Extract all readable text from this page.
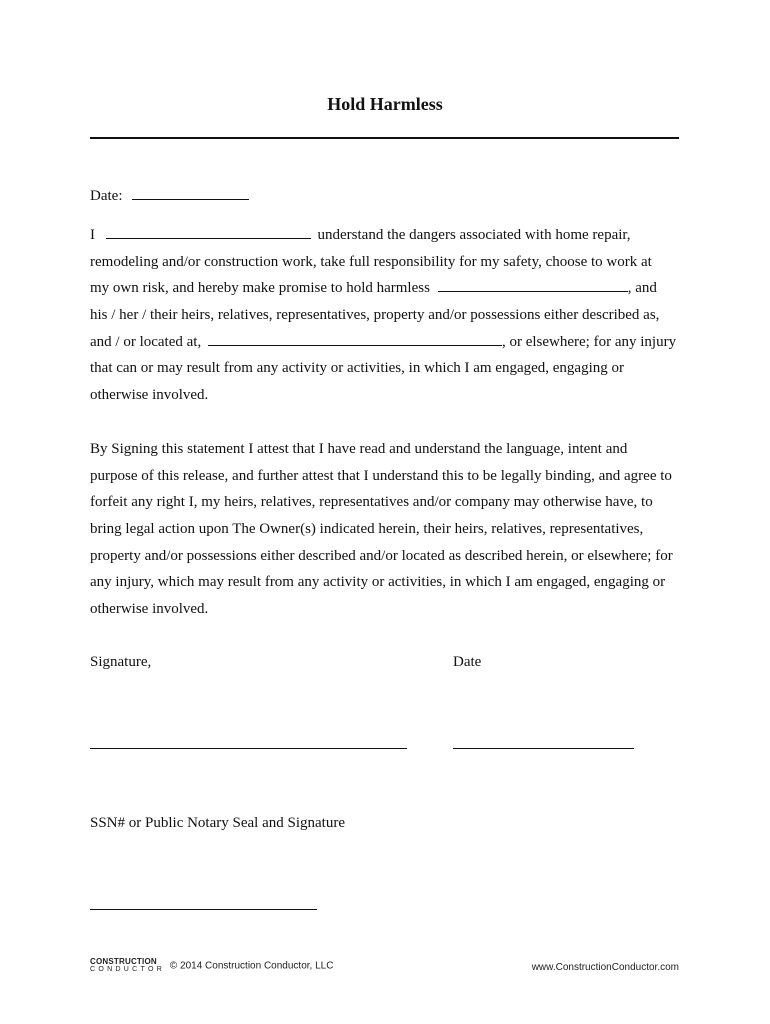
Hold Harmless
Date:
I	understand the dangers associated with home repair,
remodeling and/or construction work, take full responsibility for my safety, choose to work at
my own risk, and hereby make promise to hold harmless	, and
his / her / their heirs, relatives, representatives, property and/or possessions either described as,
and / or located at,	, or elsewhere; for any injury
that can or may result from any activity or activities, in which I am engaged, engaging or
otherwise involved.
By Signing this statement I attest that I have read and understand the language, intent and
purpose of this release, and further attest that I understand this to be legally binding, and agree to
forfeit any right I, my heirs, relatives, representatives and/or company may otherwise have, to
bring legal action upon The Owner(s) indicated herein, their heirs, relatives, representatives,
property and/or possessions either described and/or located as described herein, or elsewhere; for
any injury, which may result from any activity or activities, in which I am engaged, engaging or
otherwise involved.
Signature,	Date
SSN# or Public Notary Seal and Signature
CONSTRUCTION
CONDUCTOR © 2014 Construction Conductor, LLC	www.ConstructionConductor.com
